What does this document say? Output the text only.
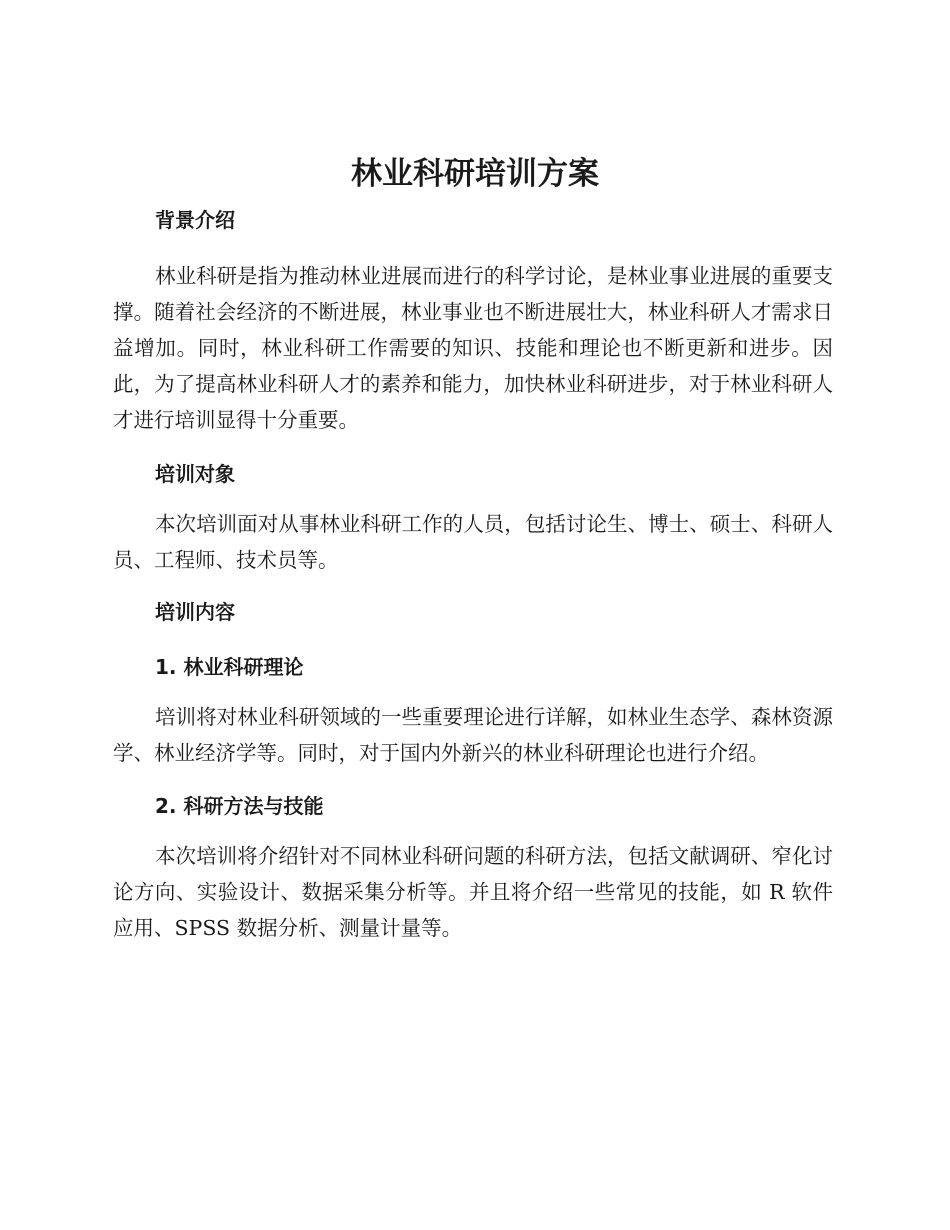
林业科研培训方案
背景介绍

林业科研是指为推动林业进展而进行的科学讨论，是林业事业进展的重要支撑。随着社会经济的不断进展，林业事业也不断进展壮大，林业科研人才需求日益增加。同时，林业科研工作需要的知识、技能和理论也不断更新和进步。因此，为了提高林业科研人才的素养和能力，加快林业科研进步，对于林业科研人才进行培训显得十分重要。

培训对象

本次培训面对从事林业科研工作的人员，包括讨论生、博士、硕士、科研人员、工程师、技术员等。

培训内容
1. 林业科研理论

培训将对林业科研领域的一些重要理论进行详解，如林业生态学、森林资源学、林业经济学等。同时，对于国内外新兴的林业科研理论也进行介绍。

2. 科研方法与技能

本次培训将介绍针对不同林业科研问题的科研方法，包括文献调研、窄化讨论方向、实验设计、数据采集分析等。并且将介绍一些常见的技能，如 R 软件应用、SPSS 数据分析、测量计量等。
